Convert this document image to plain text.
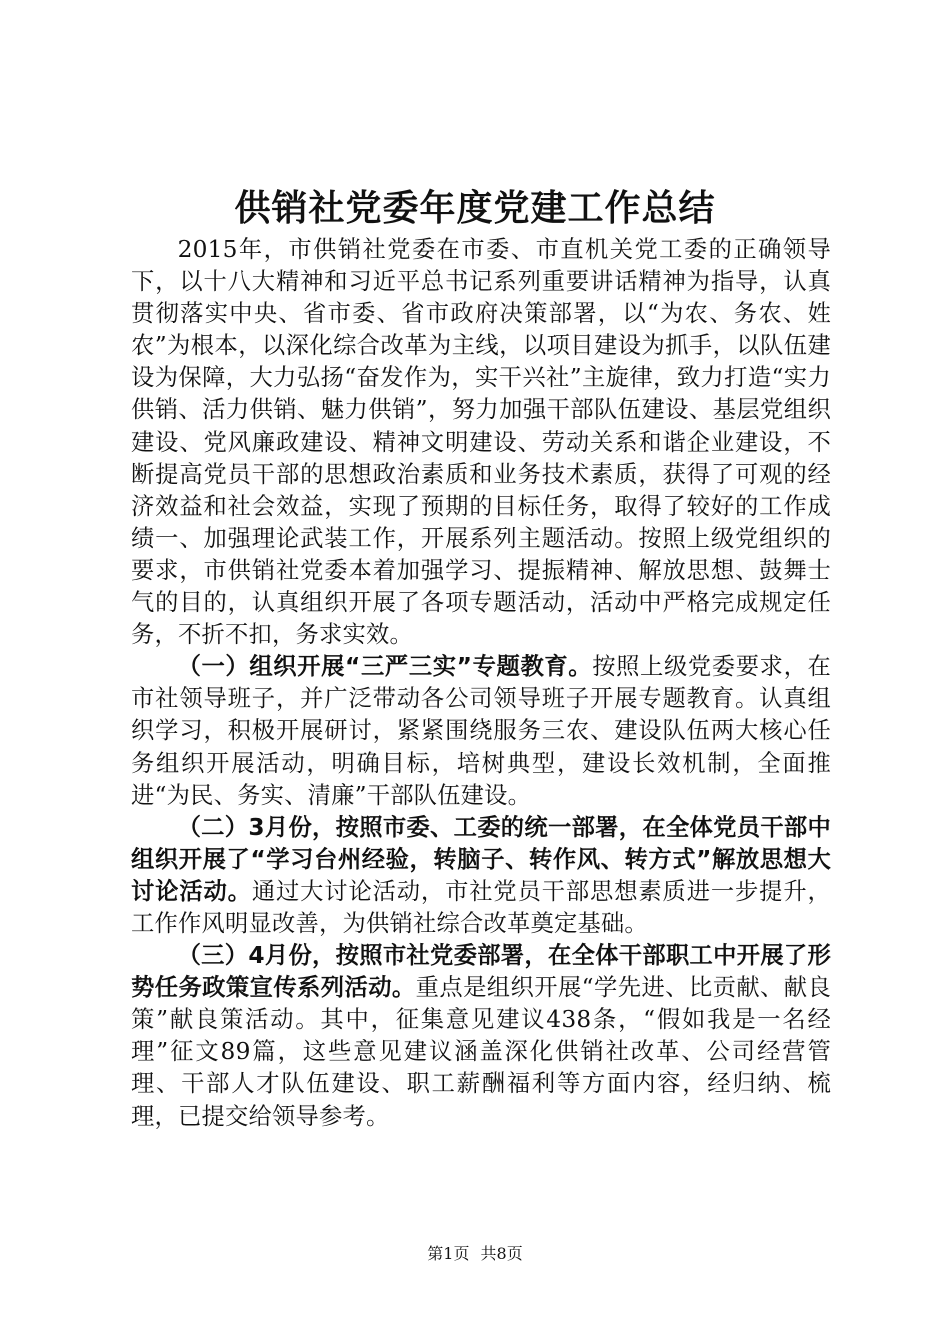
供销社党委年度党建工作总结

2015年，市供销社党委在市委、市直机关党工委的正确领导下，以十八大精神和习近平总书记系列重要讲话精神为指导，认真贯彻落实中央、省市委、省市政府决策部署，以“为农、务农、姓农”为根本，以深化综合改革为主线，以项目建设为抓手，以队伍建设为保障，大力弘扬“奋发作为，实干兴社”主旋律，致力打造“实力供销、活力供销、魅力供销”，努力加强干部队伍建设、基层党组织建设、党风廉政建设、精神文明建设、劳动关系和谐企业建设，不断提高党员干部的思想政治素质和业务技术素质，获得了可观的经济效益和社会效益，实现了预期的目标任务，取得了较好的工作成绩一、加强理论武装工作，开展系列主题活动。按照上级党组织的要求，市供销社党委本着加强学习、提振精神、解放思想、鼓舞士气的目的，认真组织开展了各项专题活动，活动中严格完成规定任务，不折不扣，务求实效。

（一）组织开展“三严三实”专题教育。按照上级党委要求，在市社领导班子，并广泛带动各公司领导班子开展专题教育。认真组织学习，积极开展研讨，紧紧围绕服务三农、建设队伍两大核心任务组织开展活动，明确目标，培树典型，建设长效机制，全面推进“为民、务实、清廉”干部队伍建设。

（二）3月份，按照市委、工委的统一部署，在全体党员干部中组织开展了“学习台州经验，转脑子、转作风、转方式”解放思想大讨论活动。通过大讨论活动，市社党员干部思想素质进一步提升，工作作风明显改善，为供销社综合改革奠定基础。

（三）4月份，按照市社党委部署，在全体干部职工中开展了形势任务政策宣传系列活动。重点是组织开展“学先进、比贡献、献良策”献良策活动。其中，征集意见建议438条，“假如我是一名经理”征文89篇，这些意见建议涵盖深化供销社改革、公司经营管理、干部人才队伍建设、职工薪酬福利等方面内容，经归纳、梳理，已提交给领导参考。

第1页 共8页
